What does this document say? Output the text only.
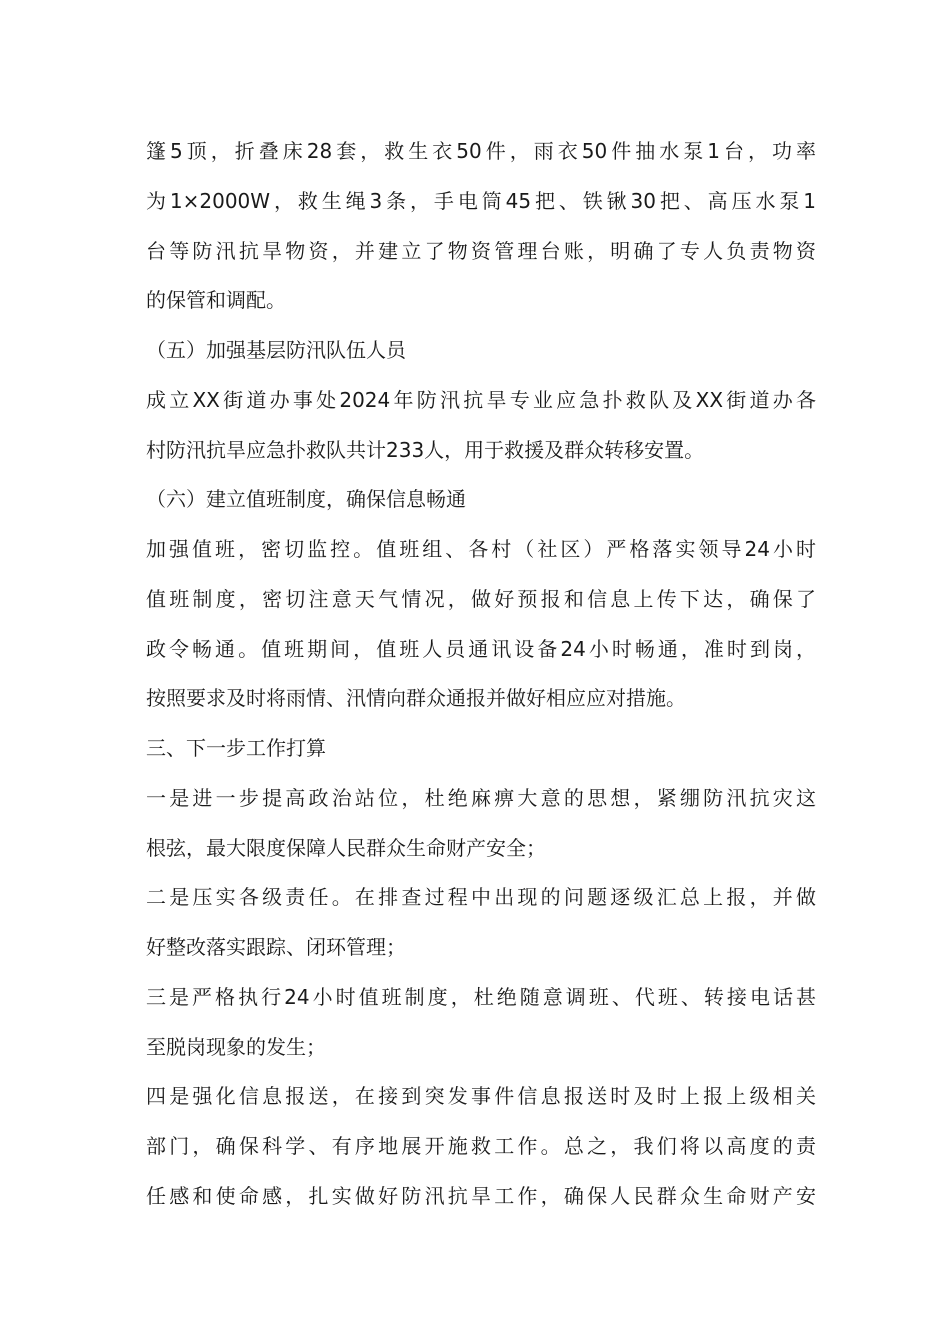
篷5顶，折叠床28套，救生衣50件，雨衣50件抽水泵1台，功率
为1×2000W，救生绳3条，手电筒45把、铁锹30把、高压水泵1
台等防汛抗旱物资，并建立了物资管理台账，明确了专人负责物资
的保管和调配。
（五）加强基层防汛队伍人员
成立XX街道办事处2024年防汛抗旱专业应急扑救队及XX街道办各
村防汛抗旱应急扑救队共计233人，用于救援及群众转移安置。
（六）建立值班制度，确保信息畅通
加强值班，密切监控。值班组、各村（社区）严格落实领导24小时
值班制度，密切注意天气情况，做好预报和信息上传下达，确保了
政令畅通。值班期间，值班人员通讯设备24小时畅通，准时到岗，
按照要求及时将雨情、汛情向群众通报并做好相应应对措施。
三、下一步工作打算
一是进一步提高政治站位，杜绝麻痹大意的思想，紧绷防汛抗灾这
根弦，最大限度保障人民群众生命财产安全；
二是压实各级责任。在排查过程中出现的问题逐级汇总上报，并做
好整改落实跟踪、闭环管理；
三是严格执行24小时值班制度，杜绝随意调班、代班、转接电话甚
至脱岗现象的发生；
四是强化信息报送，在接到突发事件信息报送时及时上报上级相关
部门，确保科学、有序地展开施救工作。总之，我们将以高度的责
任感和使命感，扎实做好防汛抗旱工作，确保人民群众生命财产安
